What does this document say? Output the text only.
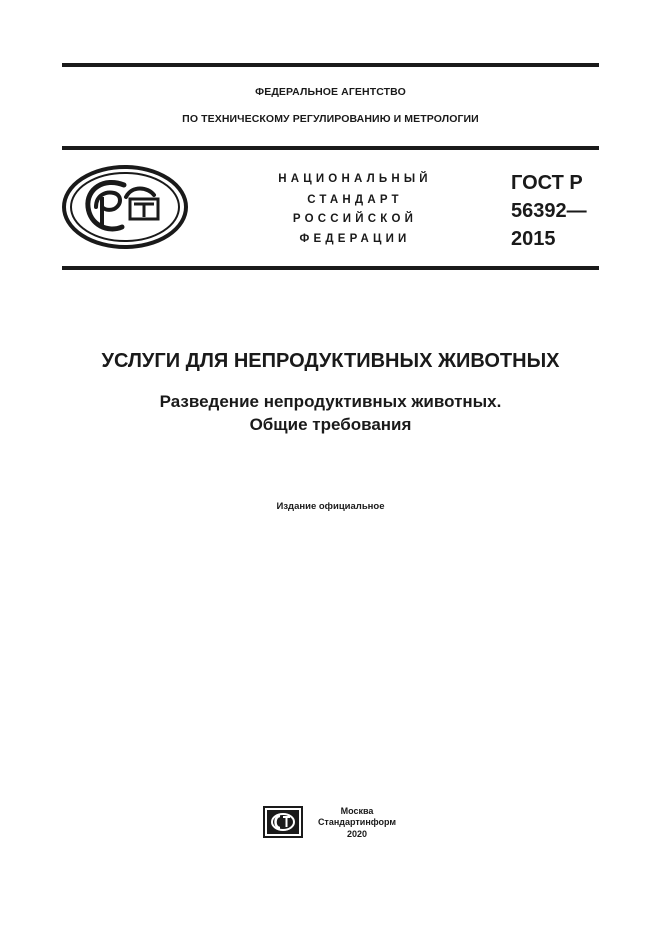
ФЕДЕРАЛЬНОЕ АГЕНТСТВО
ПО ТЕХНИЧЕСКОМУ РЕГУЛИРОВАНИЮ И МЕТРОЛОГИИ
НАЦИОНАЛЬНЫЙ
СТАНДАРТ
РОССИЙСКОЙ
ФЕДЕРАЦИИ
ГОСТ Р
56392—
2015
УСЛУГИ ДЛЯ НЕПРОДУКТИВНЫХ ЖИВОТНЫХ
Разведение непродуктивных животных.
Общие требования
Издание официальное
Москва
Стандартинформ
2020
